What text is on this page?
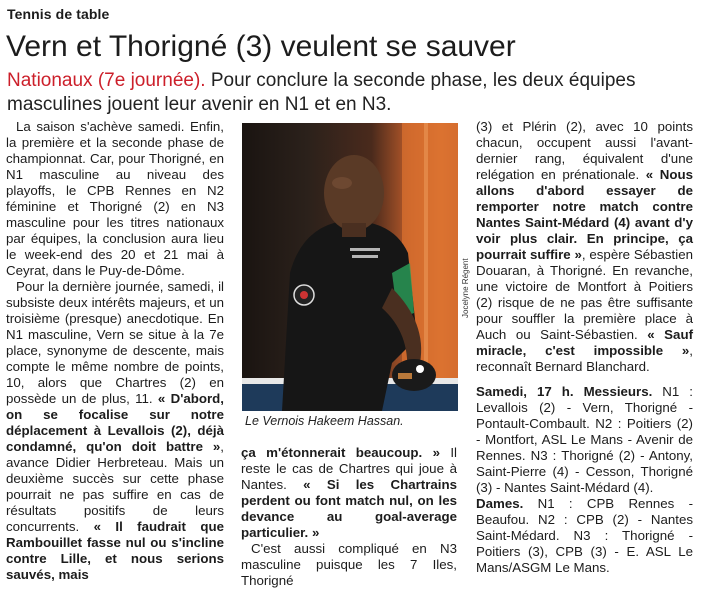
Tennis de table
Vern et Thorigné (3) veulent se sauver
Nationaux (7e journée). Pour conclure la seconde phase, les deux équipes masculines jouent leur avenir en N1 et en N3.

La saison s'achève samedi. Enfin, la première et la seconde phase de championnat. Car, pour Thorigné, en N1 masculine au niveau des playoffs, le CPB Rennes en N2 féminine et Thorigné (2) en N3 masculine pour les titres nationaux par équipes, la conclusion aura lieu le week-end des 20 et 21 mai à Ceyrat, dans le Puy-de-Dôme.

Pour la dernière journée, samedi, il subsiste deux intérêts majeurs, et un troisième (presque) anecdotique. En N1 masculine, Vern se situe à la 7e place, synonyme de descente, mais compte le même nombre de points, 10, alors que Chartres (2) en possède un de plus, 11. « D'abord, on se focalise sur notre déplacement à Levallois (2), déjà condamné, qu'on doit battre », avance Didier Herbreteau. Mais un deuxième succès sur cette phase pourrait ne pas suffire en cas de résultats positifs de leurs concurrents. « Il faudrait que Rambouillet fasse nul ou s'incline contre Lille, et nous serions sauvés, mais

Jocelyne Régent
Le Vernois Hakeem Hassan.

ça m'étonnerait beaucoup. » Il reste le cas de Chartres qui joue à Nantes. « Si les Chartrains perdent ou font match nul, on les devance au goal-average particulier. »

C'est aussi compliqué en N3 masculine puisque les 7 Iles, Thorigné

(3) et Plérin (2), avec 10 points chacun, occupent aussi l'avant-dernier rang, équivalent d'une relégation en prénationale. « Nous allons d'abord essayer de remporter notre match contre Nantes Saint-Médard (4) avant d'y voir plus clair. En principe, ça pourrait suffire », espère Sébastien Douaran, à Thorigné. En revanche, une victoire de Montfort à Poitiers (2) risque de ne pas être suffisante pour souffler la première place à Auch ou Saint-Sébastien. « Sauf miracle, c'est impossible », reconnaît Bernard Blanchard.

Samedi, 17 h. Messieurs. N1 : Levallois (2) - Vern, Thorigné - Pontault-Combault. N2 : Poitiers (2) - Montfort, ASL Le Mans - Avenir de Rennes. N3 : Thorigné (2) - Antony, Saint-Pierre (4) - Cesson, Thorigné (3) - Nantes Saint-Médard (4).

Dames. N1 : CPB Rennes - Beaufou. N2 : CPB (2) - Nantes Saint-Médard. N3 : Thorigné - Poitiers (3), CPB (3) - E. ASL Le Mans/ASGM Le Mans.
